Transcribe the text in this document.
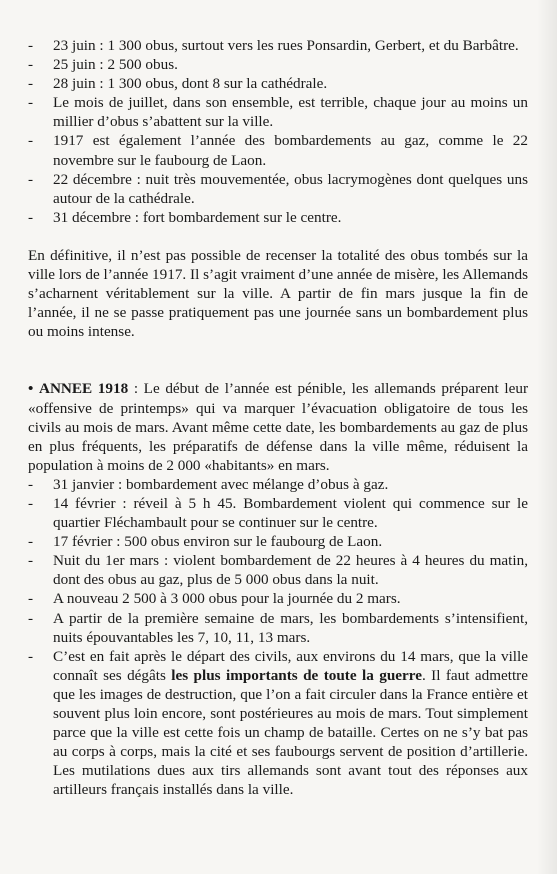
- 23 juin : 1 300 obus, surtout vers les rues Ponsardin, Gerbert, et du Barbâtre.
- 25 juin : 2 500 obus.
- 28 juin : 1 300 obus, dont 8 sur la cathédrale.
- Le mois de juillet, dans son ensemble, est terrible, chaque jour au moins un millier d’obus s’abattent sur la ville.
- 1917 est également l’année des bombardements au gaz, comme le 22 novembre sur le faubourg de Laon.
- 22 décembre : nuit très mouvementée, obus lacrymogènes dont quelques uns autour de la cathédrale.
- 31 décembre : fort bombardement sur le centre.

En définitive, il n’est pas possible de recenser la totalité des obus tombés sur la ville lors de l’année 1917. Il s’agit vraiment d’une année de misère, les Allemands s’acharnent véritablement sur la ville. A partir de fin mars jusque la fin de l’année, il ne se passe pratiquement pas une journée sans un bombardement plus ou moins intense.

• ANNEE 1918 : Le début de l’année est pénible, les allemands préparent leur «offensive de printemps» qui va marquer l’évacuation obligatoire de tous les civils au mois de mars. Avant même cette date, les bombardements au gaz de plus en plus fréquents, les préparatifs de défense dans la ville même, réduisent la population à moins de 2 000 «habitants» en mars.

- 31 janvier : bombardement avec mélange d’obus à gaz.
- 14 février : réveil à 5 h 45. Bombardement violent qui commence sur le quartier Fléchambault pour se continuer sur le centre.
- 17 février : 500 obus environ sur le faubourg de Laon.
- Nuit du 1er mars : violent bombardement de 22 heures à 4 heures du matin, dont des obus au gaz, plus de 5 000 obus dans la nuit.
- A nouveau 2 500 à 3 000 obus pour la journée du 2 mars.
- A partir de la première semaine de mars, les bombardements s’intensifient, nuits épouvantables les 7, 10, 11, 13 mars.
- C’est en fait après le départ des civils, aux environs du 14 mars, que la ville connaît ses dégâts les plus importants de toute la guerre. Il faut admettre que les images de destruction, que l’on a fait circuler dans la France entière et souvent plus loin encore, sont postérieures au mois de mars. Tout simplement parce que la ville est cette fois un champ de bataille. Certes on ne s’y bat pas au corps à corps, mais la cité et ses faubourgs servent de position d’artillerie. Les mutilations dues aux tirs allemands sont avant tout des réponses aux artilleurs français installés dans la ville.
